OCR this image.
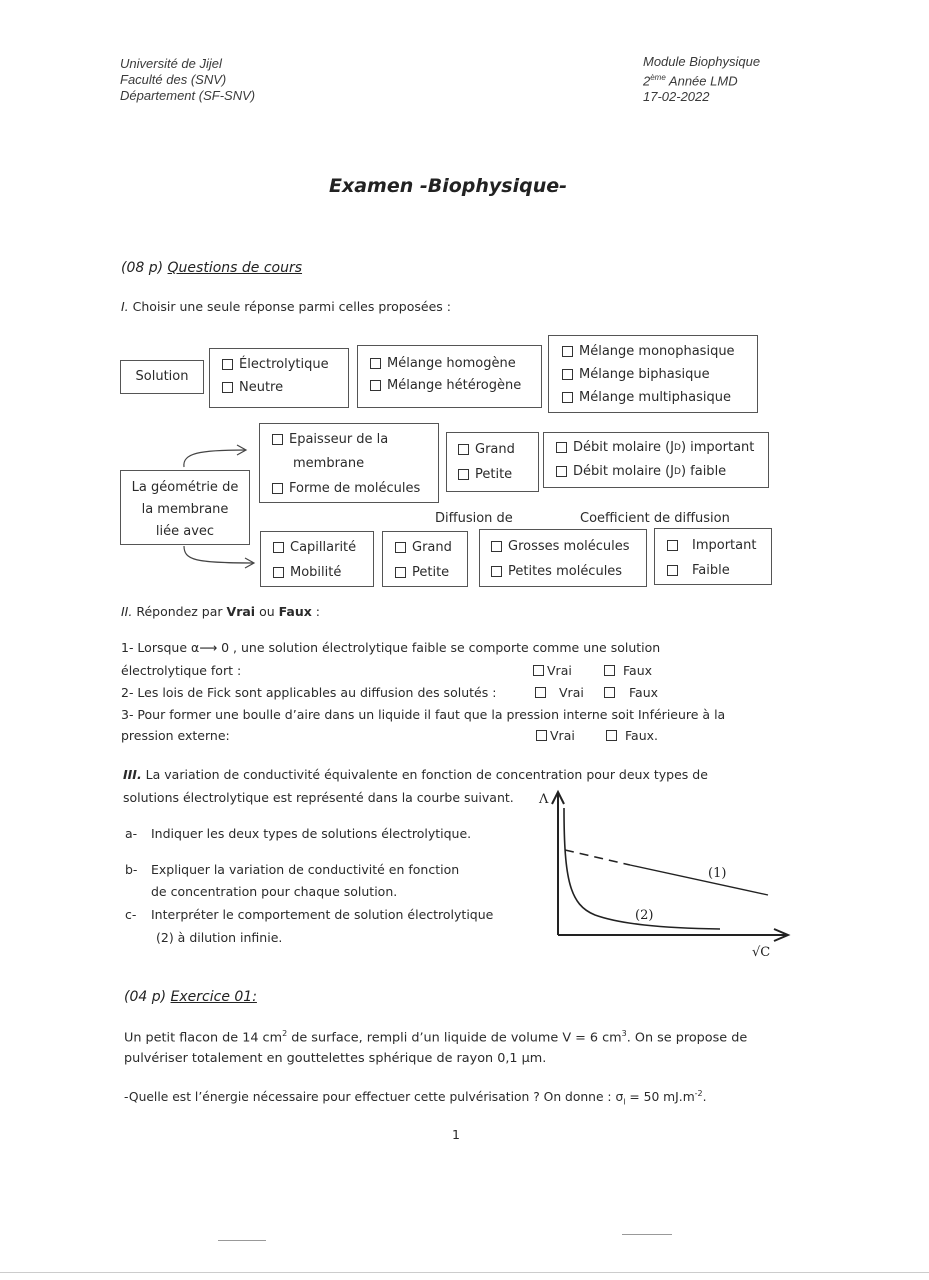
Université de Jijel
Faculté des (SNV)
Département (SF-SNV)
Module Biophysique
2ème Année LMD
17-02-2022
Examen -Biophysique-
(08 p) Questions de cours
I. Choisir une seule réponse parmi celles proposées :
Solution
Électrolytique
Neutre
Mélange homogène
Mélange hétérogène
Mélange monophasique
Mélange biphasique
Mélange multiphasique
La géométrie de
la membrane
liée avec
Epaisseur de la
membrane
Forme de molécules
Grand
Petite
Débit molaire (J D ) important
Débit molaire (J D ) faible
Diffusion de	Coefficient de diffusion
Capillarité
Mobilité
Grand
Petite
Grosses molécules
Petites molécules
Important
Faible
II. Répondez par Vrai ou Faux :
1- Lorsque α⟶ 0 , une solution électrolytique faible se comporte comme une solution
électrolytique fort :	Vrai	Faux
2- Les lois de Fick sont applicables au diffusion des solutés :	Vrai	Faux
3- Pour former une boulle d’aire dans un liquide il faut que la pression interne soit Inférieure à la
pression externe:	Vrai	Faux.
III. La variation de conductivité équivalente en fonction de concentration pour deux types de
solutions électrolytique est représenté dans la courbe suivant.
a- Indiquer les deux types de solutions électrolytique.
b- Expliquer la variation de conductivité en fonction
de concentration pour chaque solution.
c- Interpréter le comportement de solution électrolytique
(2) à dilution infinie.
Λ
(1)
(2)
√C
(04 p) Exercice 01:
Un petit flacon de 14 $cm^2$ de surface, rempli d’un liquide de volume V = 6 $cm^3$. On se propose de
pulvériser totalement en gouttelettes sphérique de rayon 0,1 µm.
-Quelle est l’énergie nécessaire pour effectuer cette pulvérisation ? On donne : $\sigma_l = 50$ $mJ.m^{-2}$.
1
